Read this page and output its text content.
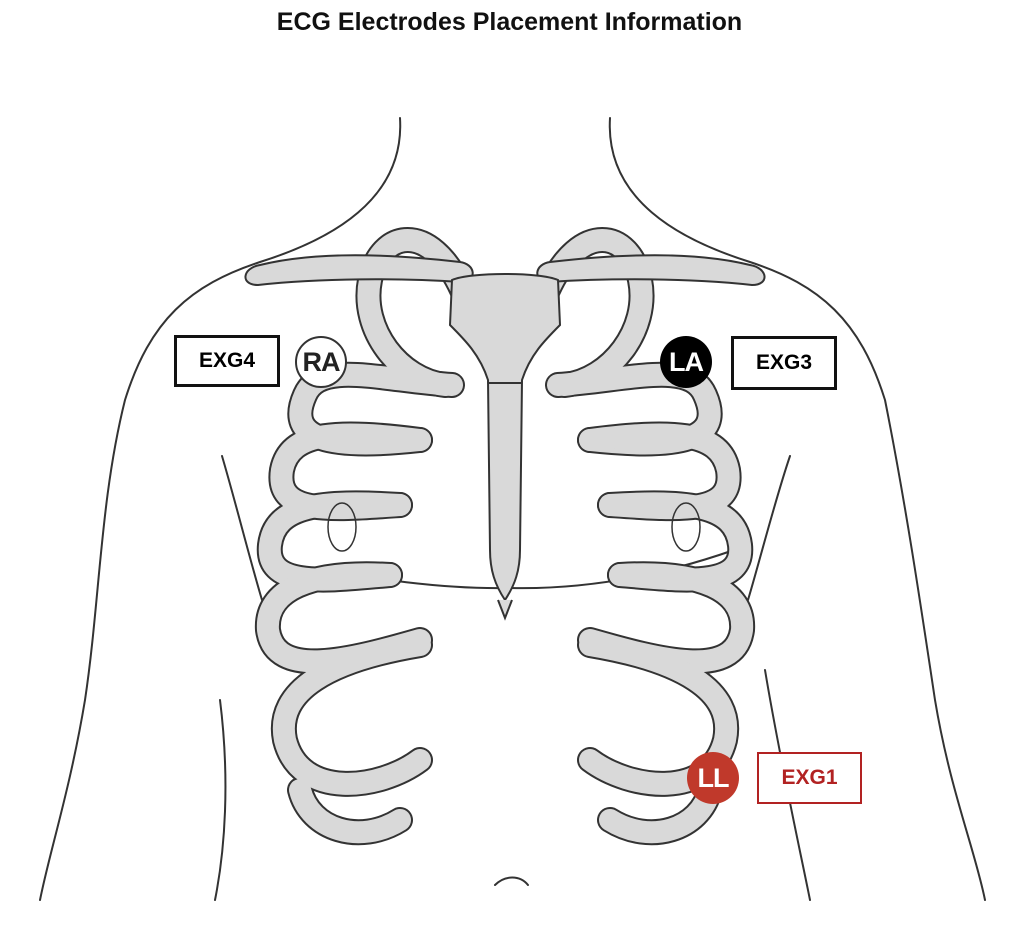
ECG Electrodes Placement Information
EXG4	RA	LA	EXG3
LL	EXG1
